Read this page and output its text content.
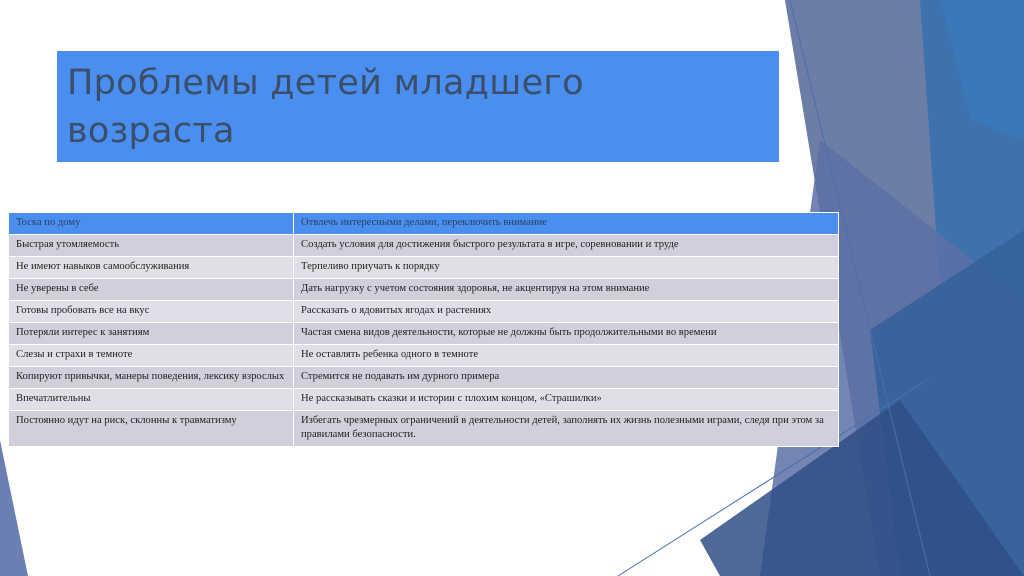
Проблемы детей младшего
возраста
Тоска по дому	Отвлечь интересными делами, переключить внимание
Быстрая утомляемость	Создать условия для достижения быстрого результата в игре, соревновании и труде
Не имеют навыков самообслуживания	Терпеливо приучать к порядку
Не уверены в себе	Дать нагрузку с учетом состояния здоровья, не акцентируя на этом внимание
Готовы пробовать все на вкус	Рассказать о ядовитых ягодах и растениях
Потеряли интерес к занятиям	Частая смена видов деятельности, которые не должны быть продолжительными во времени
Слезы и страхи в темноте	Не оставлять ребенка одного в темноте
Копируют привычки, манеры поведения, лексику взрослых	Стремится не подавать им дурного примера
Впечатлительны	Не рассказывать сказки и истории с плохим концом, «Страшилки»
Постоянно идут на риск, склонны к травматизму	Избегать чрезмерных ограничений в деятельности детей, заполнять их жизнь полезными играми, следя при этом за правилами безопасности.
